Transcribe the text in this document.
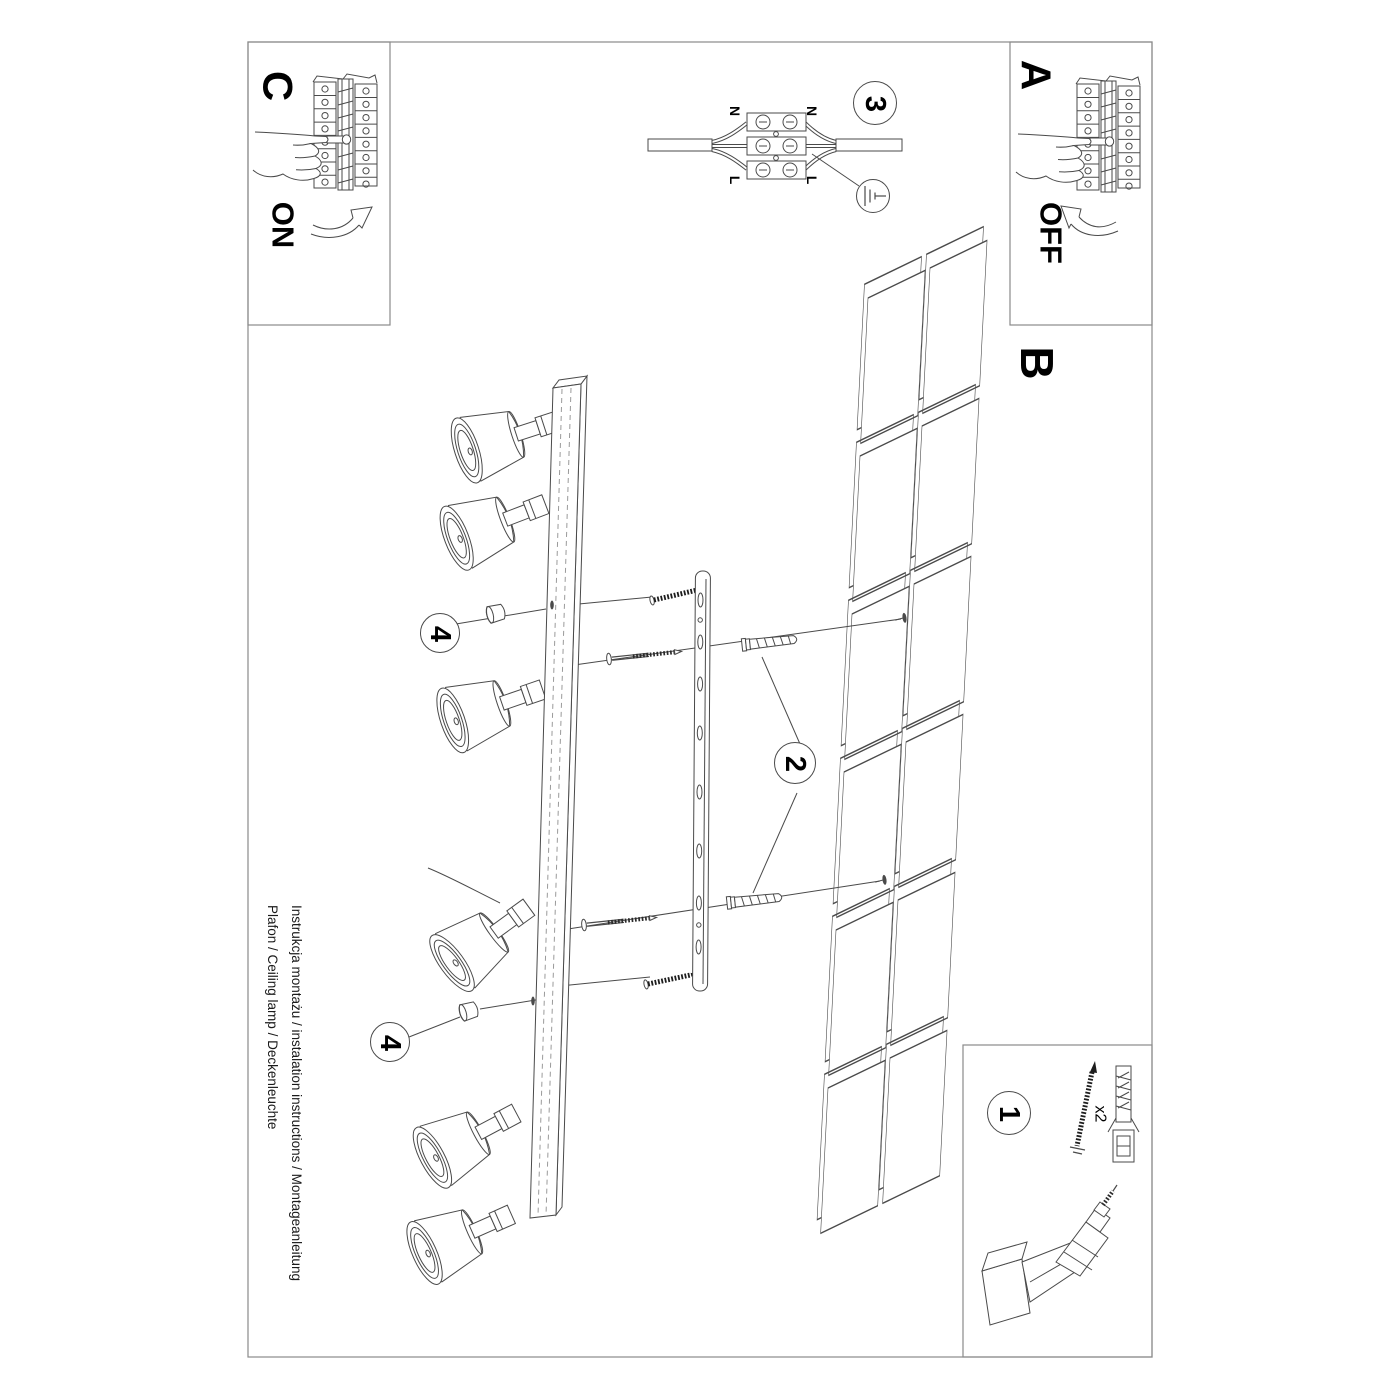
C
ON
A
OFF
B
N	N
L	L
3
2
4
4
1	x2
Instrukcja montażu / instalation instructions / Montageanleitung
Plafon / Ceiling lamp / Deckenleuchte
